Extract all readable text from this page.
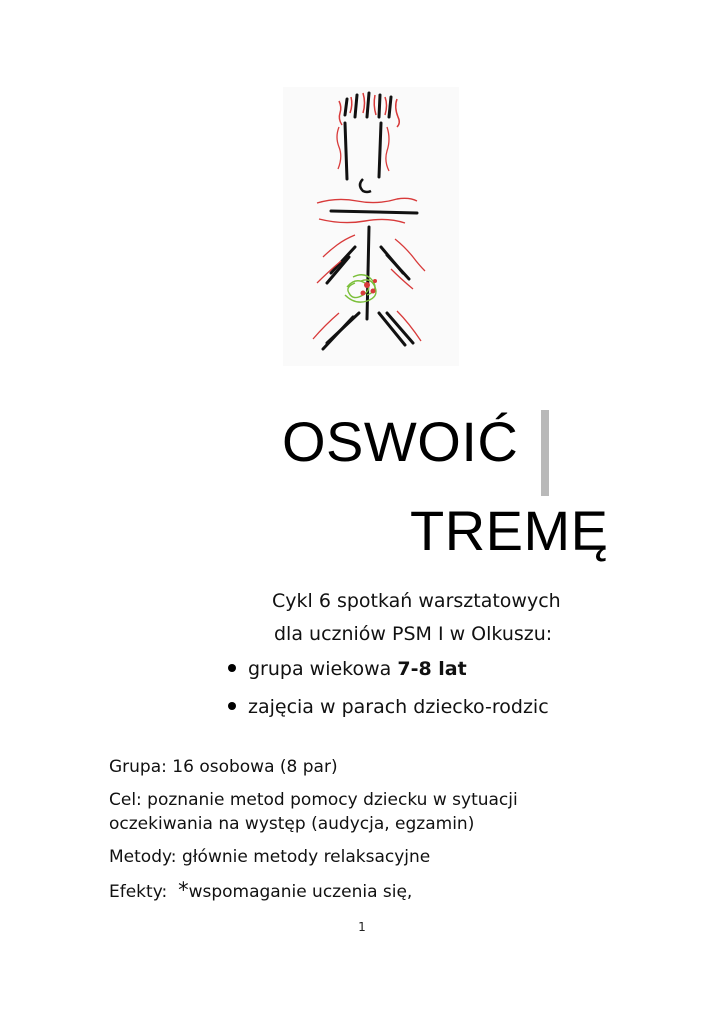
OSWOIĆ
TREMĘ
Cykl 6 spotkań warsztatowych
dla uczniów PSM I w Olkuszu:
grupa wiekowa 7-8 lat
zajęcia w parach dziecko-rodzic

Grupa: 16 osobowa (8 par)

Cel: poznanie metod pomocy dziecku w sytuacji

oczekiwania na występ (audycja, egzamin)

Metody: głównie metody relaksacyjne

Efekty:  *wspomaganie uczenia się,

1
